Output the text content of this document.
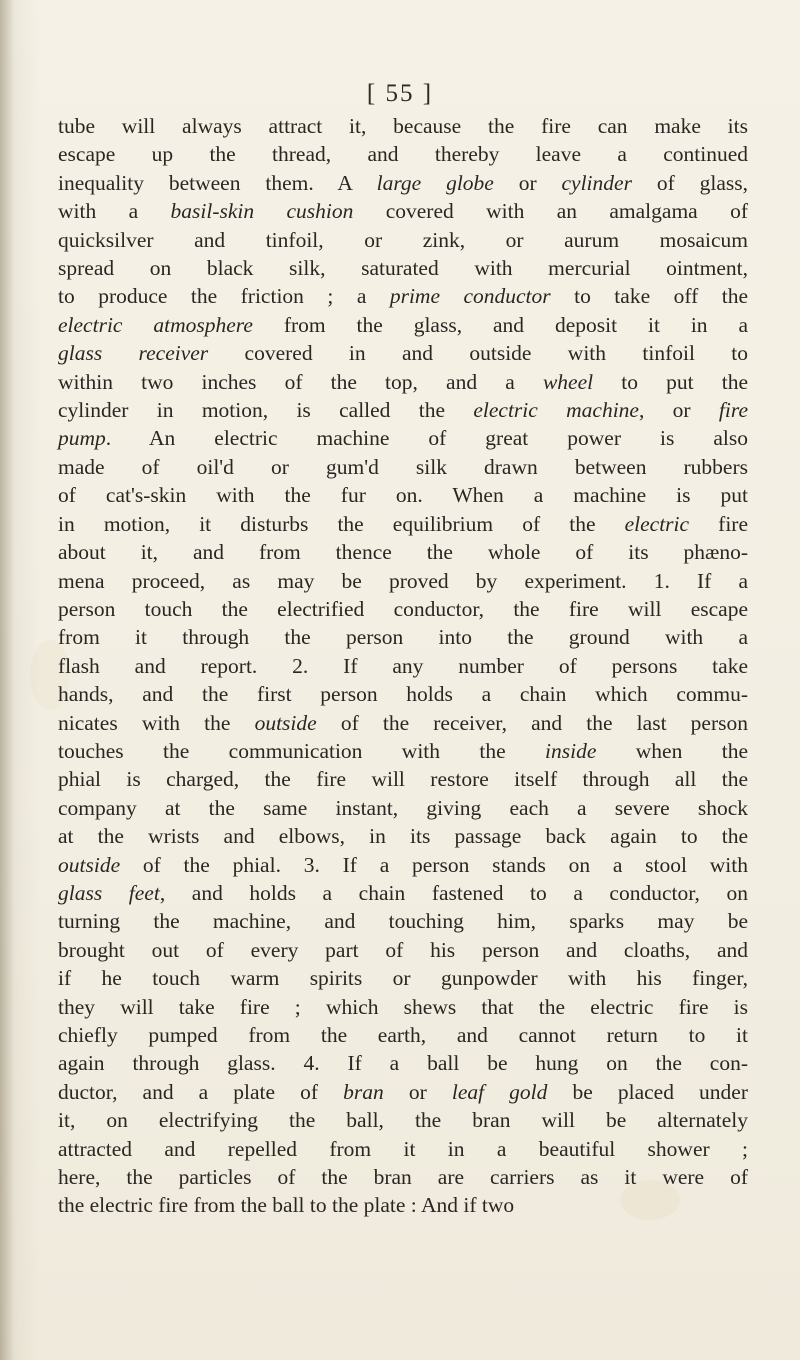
[ 55 ]
tube will always attract it, because the fire can make its
escape up the thread, and thereby leave a continued
inequality between them. A large globe or cylinder of glass,
with a basil-skin cushion covered with an amalgama of
quicksilver and tinfoil, or zink, or aurum mosaicum
spread on black silk, saturated with mercurial ointment,
to produce the friction ; a prime conductor to take off the
electric atmosphere from the glass, and deposit it in a
glass receiver covered in and outside with tinfoil to
within two inches of the top, and a wheel to put the
cylinder in motion, is called the electric machine, or fire
pump. An electric machine of great power is also
made of oil'd or gum'd silk drawn between rubbers
of cat's-skin with the fur on. When a machine is put
in motion, it disturbs the equilibrium of the electric fire
about it, and from thence the whole of its phæno-
mena proceed, as may be proved by experiment. 1. If a
person touch the electrified conductor, the fire will escape
from it through the person into the ground with a
flash and report. 2. If any number of persons take
hands, and the first person holds a chain which commu-
nicates with the outside of the receiver, and the last person
touches the communication with the inside when the
phial is charged, the fire will restore itself through all the
company at the same instant, giving each a severe shock
at the wrists and elbows, in its passage back again to the
outside of the phial. 3. If a person stands on a stool with
glass feet, and holds a chain fastened to a conductor, on
turning the machine, and touching him, sparks may be
brought out of every part of his person and cloaths, and
if he touch warm spirits or gunpowder with his finger,
they will take fire ; which shews that the electric fire is
chiefly pumped from the earth, and cannot return to it
again through glass. 4. If a ball be hung on the con-
ductor, and a plate of bran or leaf gold be placed under
it, on electrifying the ball, the bran will be alternately
attracted and repelled from it in a beautiful shower ;
here, the particles of the bran are carriers as it were of
the electric fire from the ball to the plate : And if two
